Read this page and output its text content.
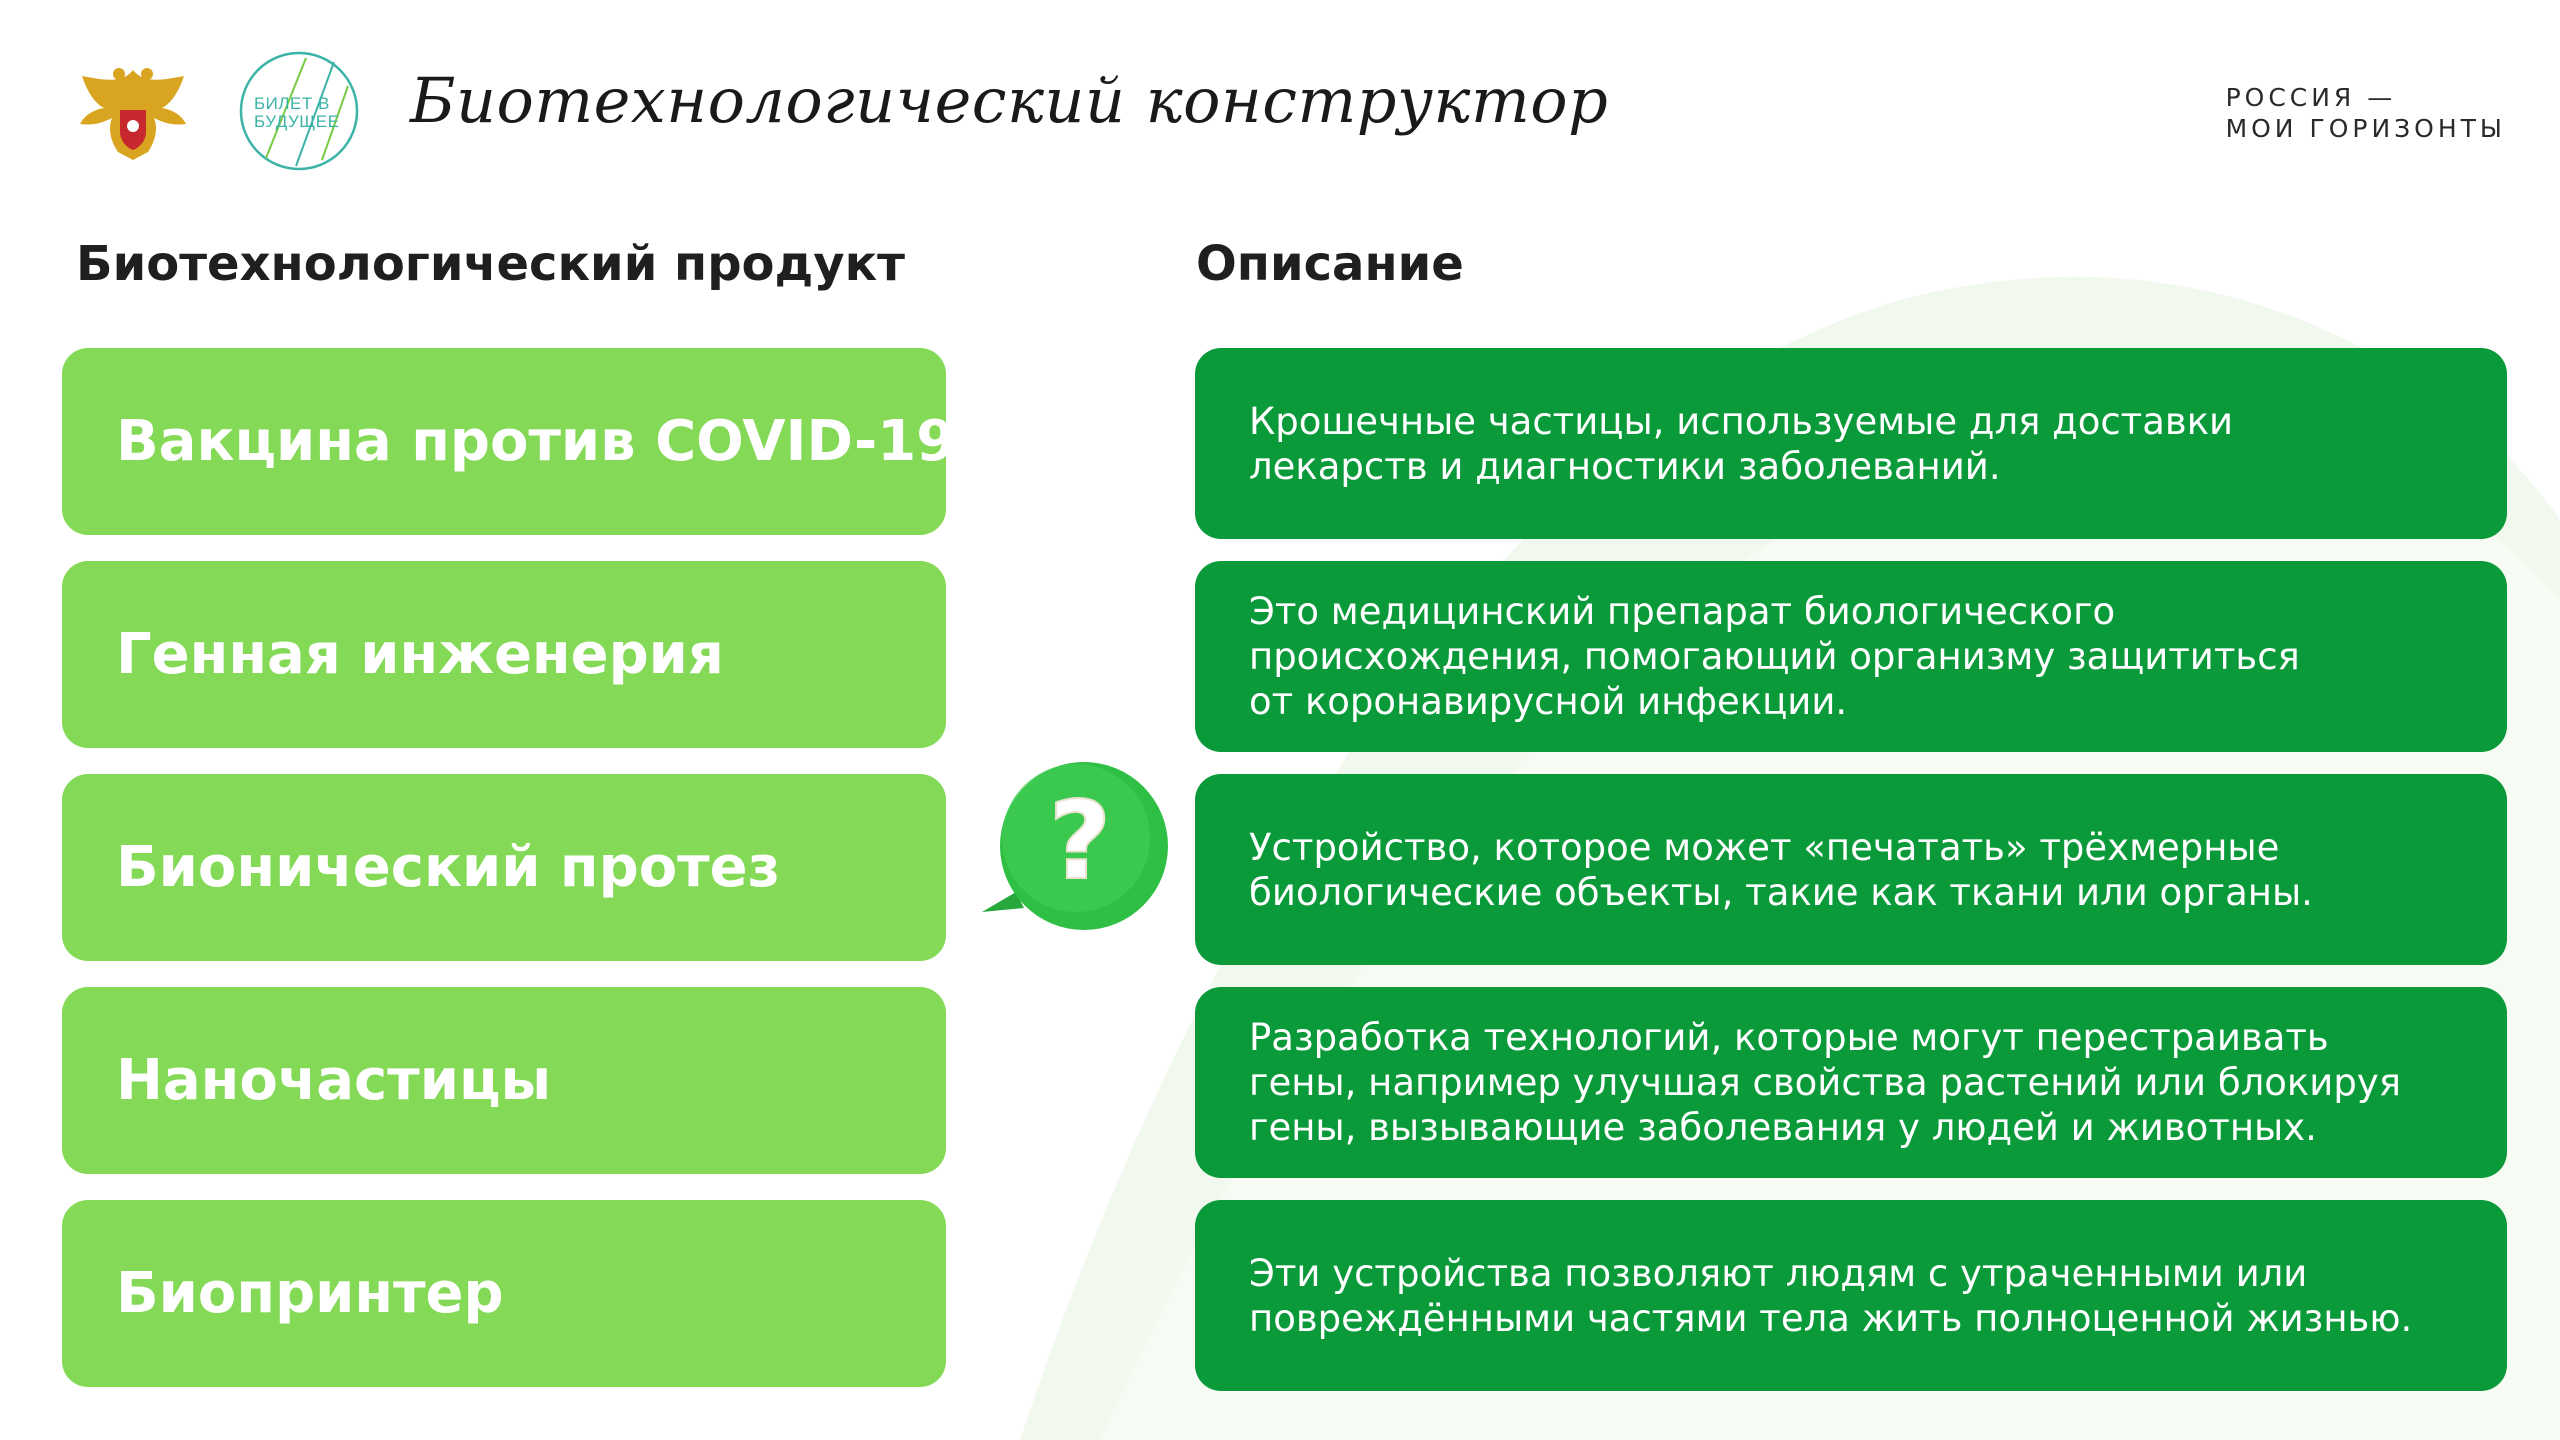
БИЛЕТ В
БУДУЩЕЕ Биотехнологический конструктор	РОССИЯ —
МОИ ГОРИЗОНТЫ
Биотехнологический продукт	Описание
Вакцина против COVID-19
Генная инженерия
Бионический протез
Наночастицы
Биопринтер

Крошечные частицы, используемые для доставки
лекарств и диагностики заболеваний.

Это медицинский препарат биологического
происхождения, помогающий организму защититься
от коронавирусной инфекции.

Устройство, которое может «печатать» трёхмерные
биологические объекты, такие как ткани или органы.

Разработка технологий, которые могут перестраивать
гены, например улучшая свойства растений или блокируя
гены, вызывающие заболевания у людей и животных.

Эти устройства позволяют людям с утраченными или
повреждёнными частями тела жить полноценной жизнью.

?
